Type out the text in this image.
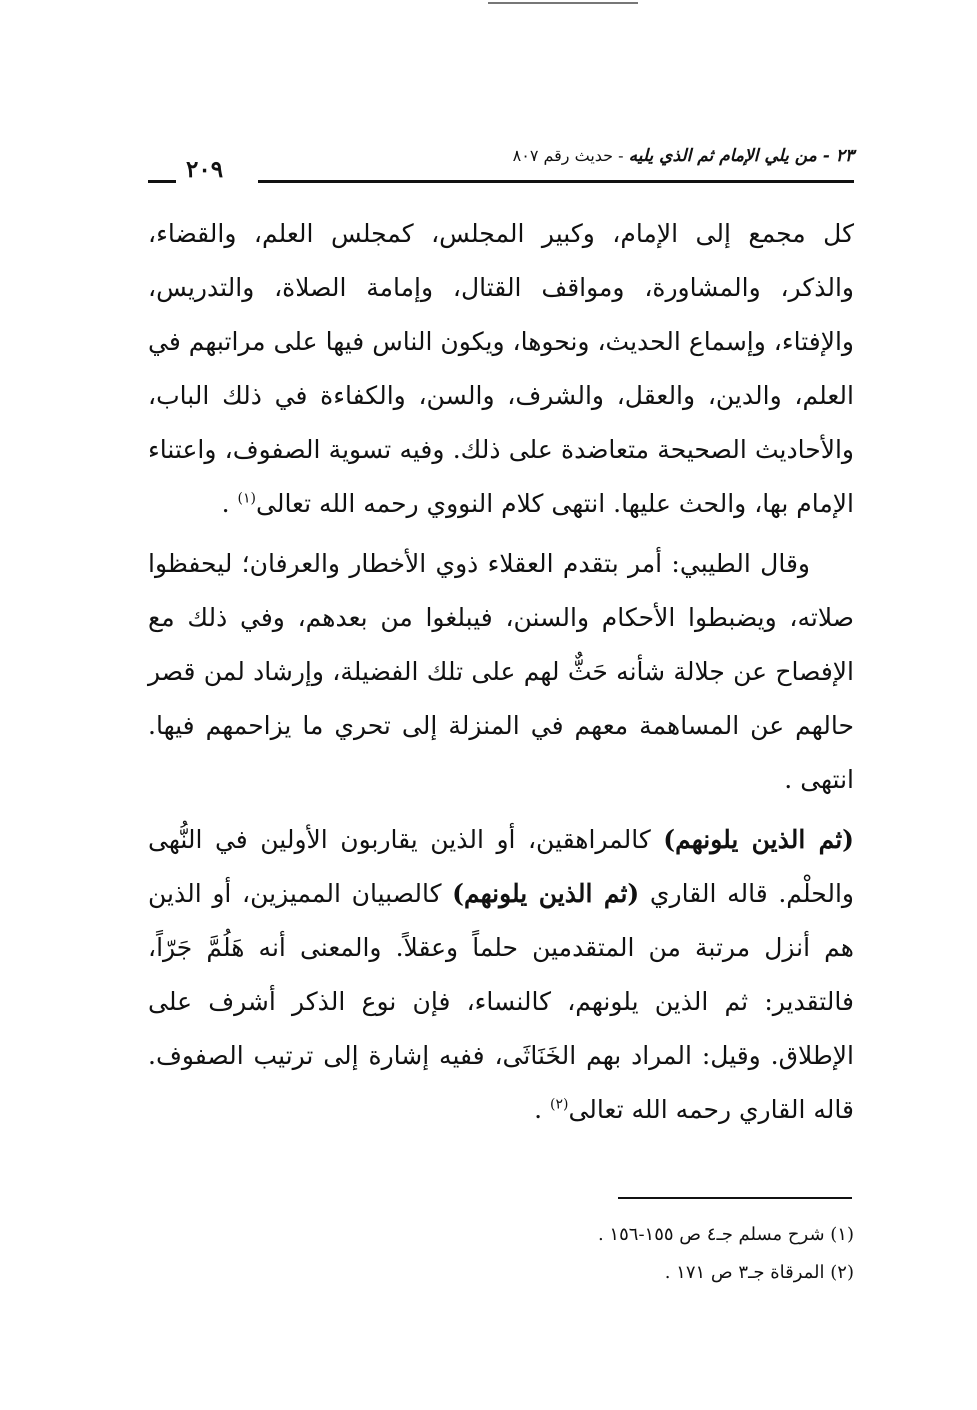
٢٣ - من يلي الإمام ثم الذي يليه - حديث رقم ٨٠٧
٢٠٩

كل مجمع إلى الإمام، وكبير المجلس، كمجلس العلم، والقضاء، والذكر، والمشاورة، ومواقف القتال، وإمامة الصلاة، والتدريس، والإفتاء، وإسماع الحديث، ونحوها، ويكون الناس فيها على مراتبهم في العلم، والدين، والعقل، والشرف، والسن، والكفاءة في ذلك الباب، والأحاديث الصحيحة متعاضدة على ذلك. وفيه تسوية الصفوف، واعتناء الإمام بها، والحث عليها. انتهى كلام النووي رحمه الله تعالى$^{(١)}$ .

وقال الطيبي: أمر بتقدم العقلاء ذوي الأخطار والعرفان؛ ليحفظوا صلاته، ويضبطوا الأحكام والسنن، فيبلغوا من بعدهم، وفي ذلك مع الإفصاح عن جلالة شأنه حَثٌّ لهم على تلك الفضيلة، وإرشاد لمن قصر حالهم عن المساهمة معهم في المنزلة إلى تحري ما يزاحمهم فيها. انتهى .

(ثم الذين يلونهم) كالمراهقين، أو الذين يقاربون الأولين في النُّهى والحلْم. قاله القاري (ثم الذين يلونهم) كالصبيان المميزين، أو الذين هم أنزل مرتبة من المتقدمين حلماً وعقلاً. والمعنى أنه هَلُمَّ جَرّاً، فالتقدير: ثم الذين يلونهم، كالنساء، فإن نوع الذكر أشرف على الإطلاق. وقيل: المراد بهم الخَنَاثَى، ففيه إشارة إلى ترتيب الصفوف. قاله القاري رحمه الله تعالى$^{(٢)}$ .

(١) شرح مسلم جـ٤ ص ١٥٥-١٥٦ .
(٢) المرقاة جـ٣ ص ١٧١ .
